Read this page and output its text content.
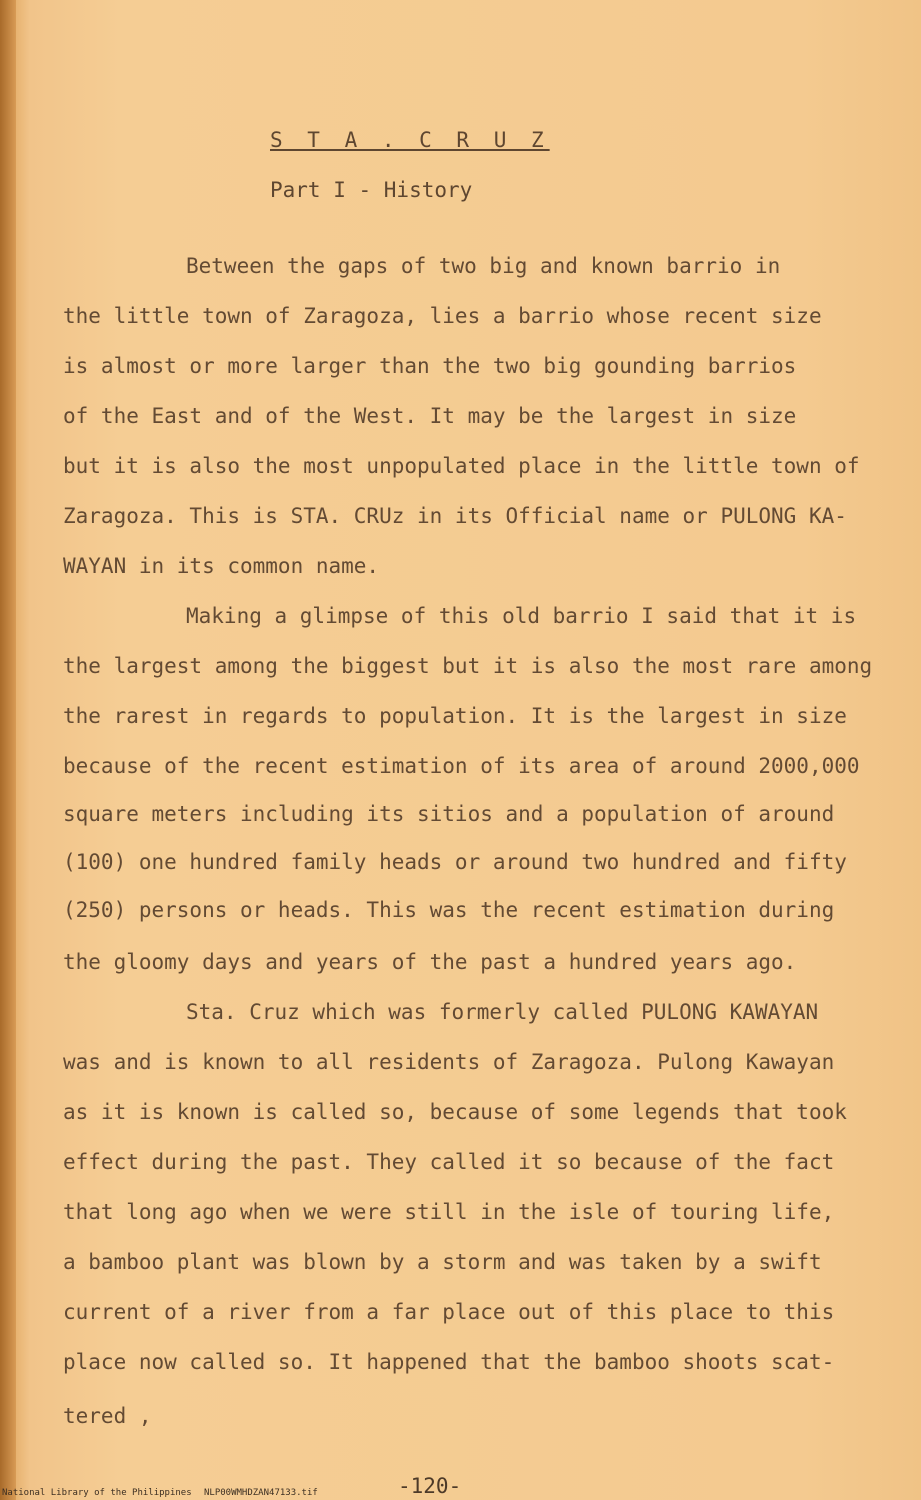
S T A . C R U Z
Part I - History
Between the gaps of two big and known barrio in
the little town of Zaragoza, lies a barrio whose recent size
is almost or more larger than the two big gounding barrios
of the East and of the West. It may be the largest in size
but it is also the most unpopulated place in the little town of
Zaragoza. This is STA. CRUz in its Official name or PULONG KA-
WAYAN in its common name.
Making a glimpse of this old barrio I said that it is
the largest among the biggest but it is also the most rare among
the rarest in regards to population. It is the largest in size
because of the recent estimation of its area of around 2000,000
square meters including its sitios and a population of around
(100) one hundred family heads or around two hundred and fifty
(250) persons or heads. This was the recent estimation during
the gloomy days and years of the past a hundred years ago.
Sta. Cruz which was formerly called PULONG KAWAYAN
was and is known to all residents of Zaragoza. Pulong Kawayan
as it is known is called so, because of some legends that took
effect during the past. They called it so because of the fact
that long ago when we were still in the isle of touring life,
a bamboo plant was blown by a storm and was taken by a swift
current of a river from a far place out of this place to this
place now called so. It happened that the bamboo shoots scat-
tered ,
-120-
National Library of the Philippines NLP00WMHDZAN47133.tif
